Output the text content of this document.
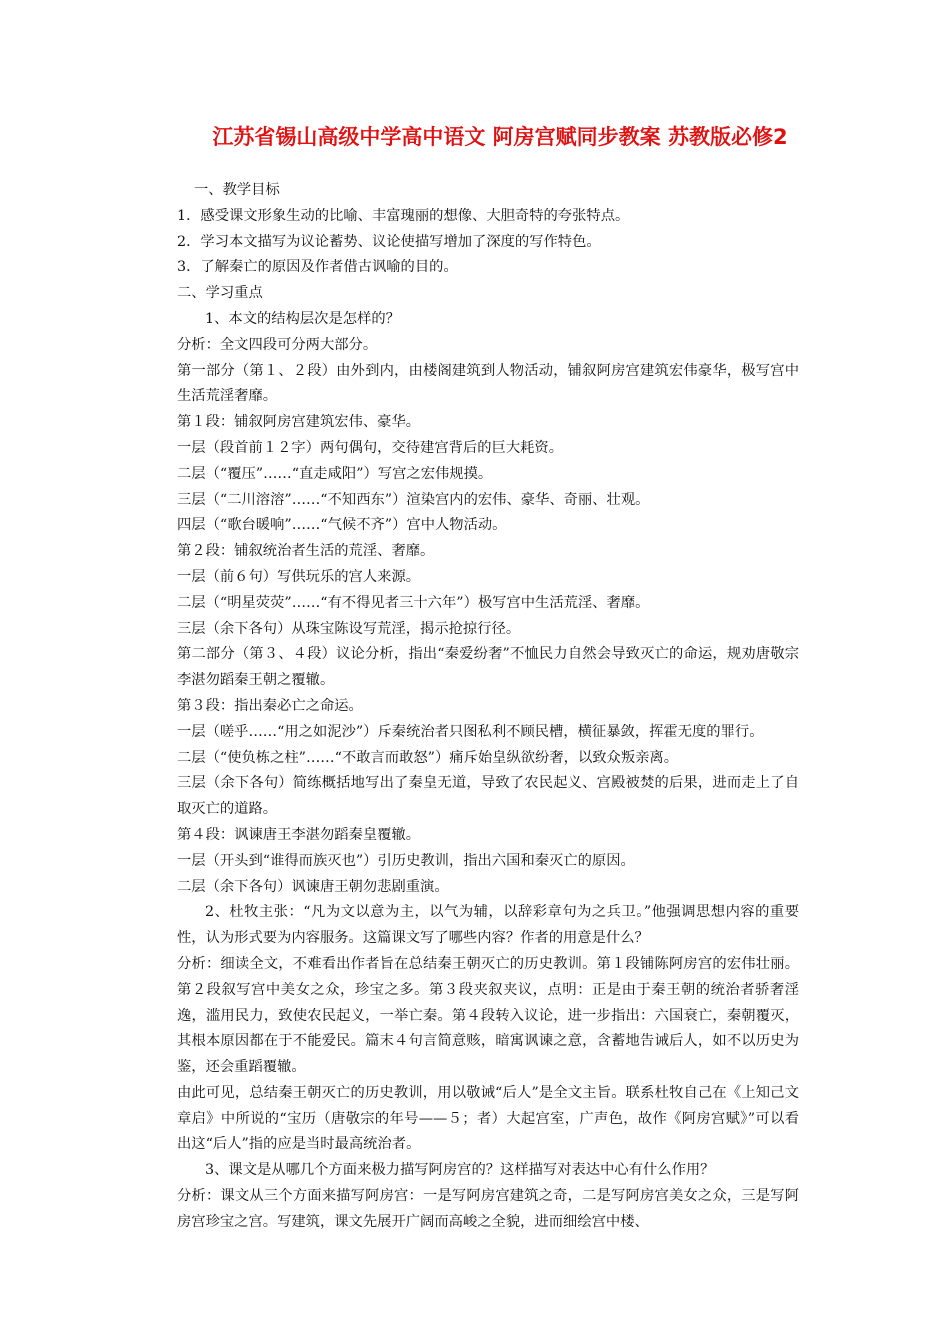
江苏省锡山高级中学高中语文 阿房宫赋同步教案 苏教版必修2

一、教学目标

1．感受课文形象生动的比喻、丰富瑰丽的想像、大胆奇特的夸张特点。

2．学习本文描写为议论蓄势、议论使描写增加了深度的写作特色。

3．了解秦亡的原因及作者借古讽喻的目的。

二、学习重点

1、本文的结构层次是怎样的？

分析：全文四段可分两大部分。

第一部分（第１、２段）由外到内，由楼阁建筑到人物活动，铺叙阿房宫建筑宏伟豪华，极写宫中生活荒淫奢靡。

第１段：铺叙阿房宫建筑宏伟、豪华。

一层（段首前１２字）两句偶句，交待建宫背后的巨大耗资。

二层（“覆压”……“直走咸阳”）写宫之宏伟规摸。

三层（“二川溶溶”……“不知西东”）渲染宫内的宏伟、豪华、奇丽、壮观。

四层（“歌台暖响”……“气候不齐”）宫中人物活动。

第２段：铺叙统治者生活的荒淫、奢靡。

一层（前６句）写供玩乐的宫人来源。

二层（“明星荧荧”……“有不得见者三十六年”）极写宫中生活荒淫、奢靡。

三层（余下各句）从珠宝陈设写荒淫，揭示抢掠行径。

第二部分（第３、４段）议论分析，指出“秦爱纷奢”不恤民力自然会导致灭亡的命运，规劝唐敬宗李湛勿蹈秦王朝之覆辙。

第３段：指出秦必亡之命运。

一层（嗟乎……“用之如泥沙”）斥秦统治者只图私利不顾民槽，横征暴敛，挥霍无度的罪行。

二层（“使负栋之柱”……“不敢言而敢怒”）痛斥始皇纵欲纷奢，以致众叛亲离。

三层（余下各句）简练概括地写出了秦皇无道，导致了农民起义、宫殿被焚的后果，进而走上了自取灭亡的道路。

第４段：讽谏唐王李湛勿蹈秦皇覆辙。

一层（开头到“谁得而族灭也”）引历史教训，指出六国和秦灭亡的原因。

二层（余下各句）讽谏唐王朝勿悲剧重演。

2、杜牧主张：“凡为文以意为主，以气为辅，以辞彩章句为之兵卫。”他强调思想内容的重要性，认为形式要为内容服务。这篇课文写了哪些内容？作者的用意是什么？

分析：细读全文，不难看出作者旨在总结秦王朝灭亡的历史教训。第１段铺陈阿房宫的宏伟壮丽。第２段叙写宫中美女之众，珍宝之多。第３段夹叙夹议，点明：正是由于秦王朝的统治者骄奢淫逸，滥用民力，致使农民起义，一举亡秦。第４段转入议论，进一步指出：六国衰亡，秦朝覆灭，其根本原因都在于不能爱民。篇末４句言简意赅，暗寓讽谏之意，含蓄地告诫后人，如不以历史为鉴，还会重蹈覆辙。

由此可见，总结秦王朝灭亡的历史教训，用以敬诫“后人”是全文主旨。联系杜牧自己在《上知己文章启》中所说的“宝历（唐敬宗的年号——５；者）大起宫室，广声色，故作《阿房宫赋》”可以看出这“后人”指的应是当时最高统治者。

3、课文是从哪几个方面来极力描写阿房宫的？这样描写对表达中心有什么作用？

分析：课文从三个方面来描写阿房宫：一是写阿房宫建筑之奇，二是写阿房宫美女之众，三是写阿房宫珍宝之宫。写建筑，课文先展开广阔而高峻之全貌，进而细绘宫中楼、
